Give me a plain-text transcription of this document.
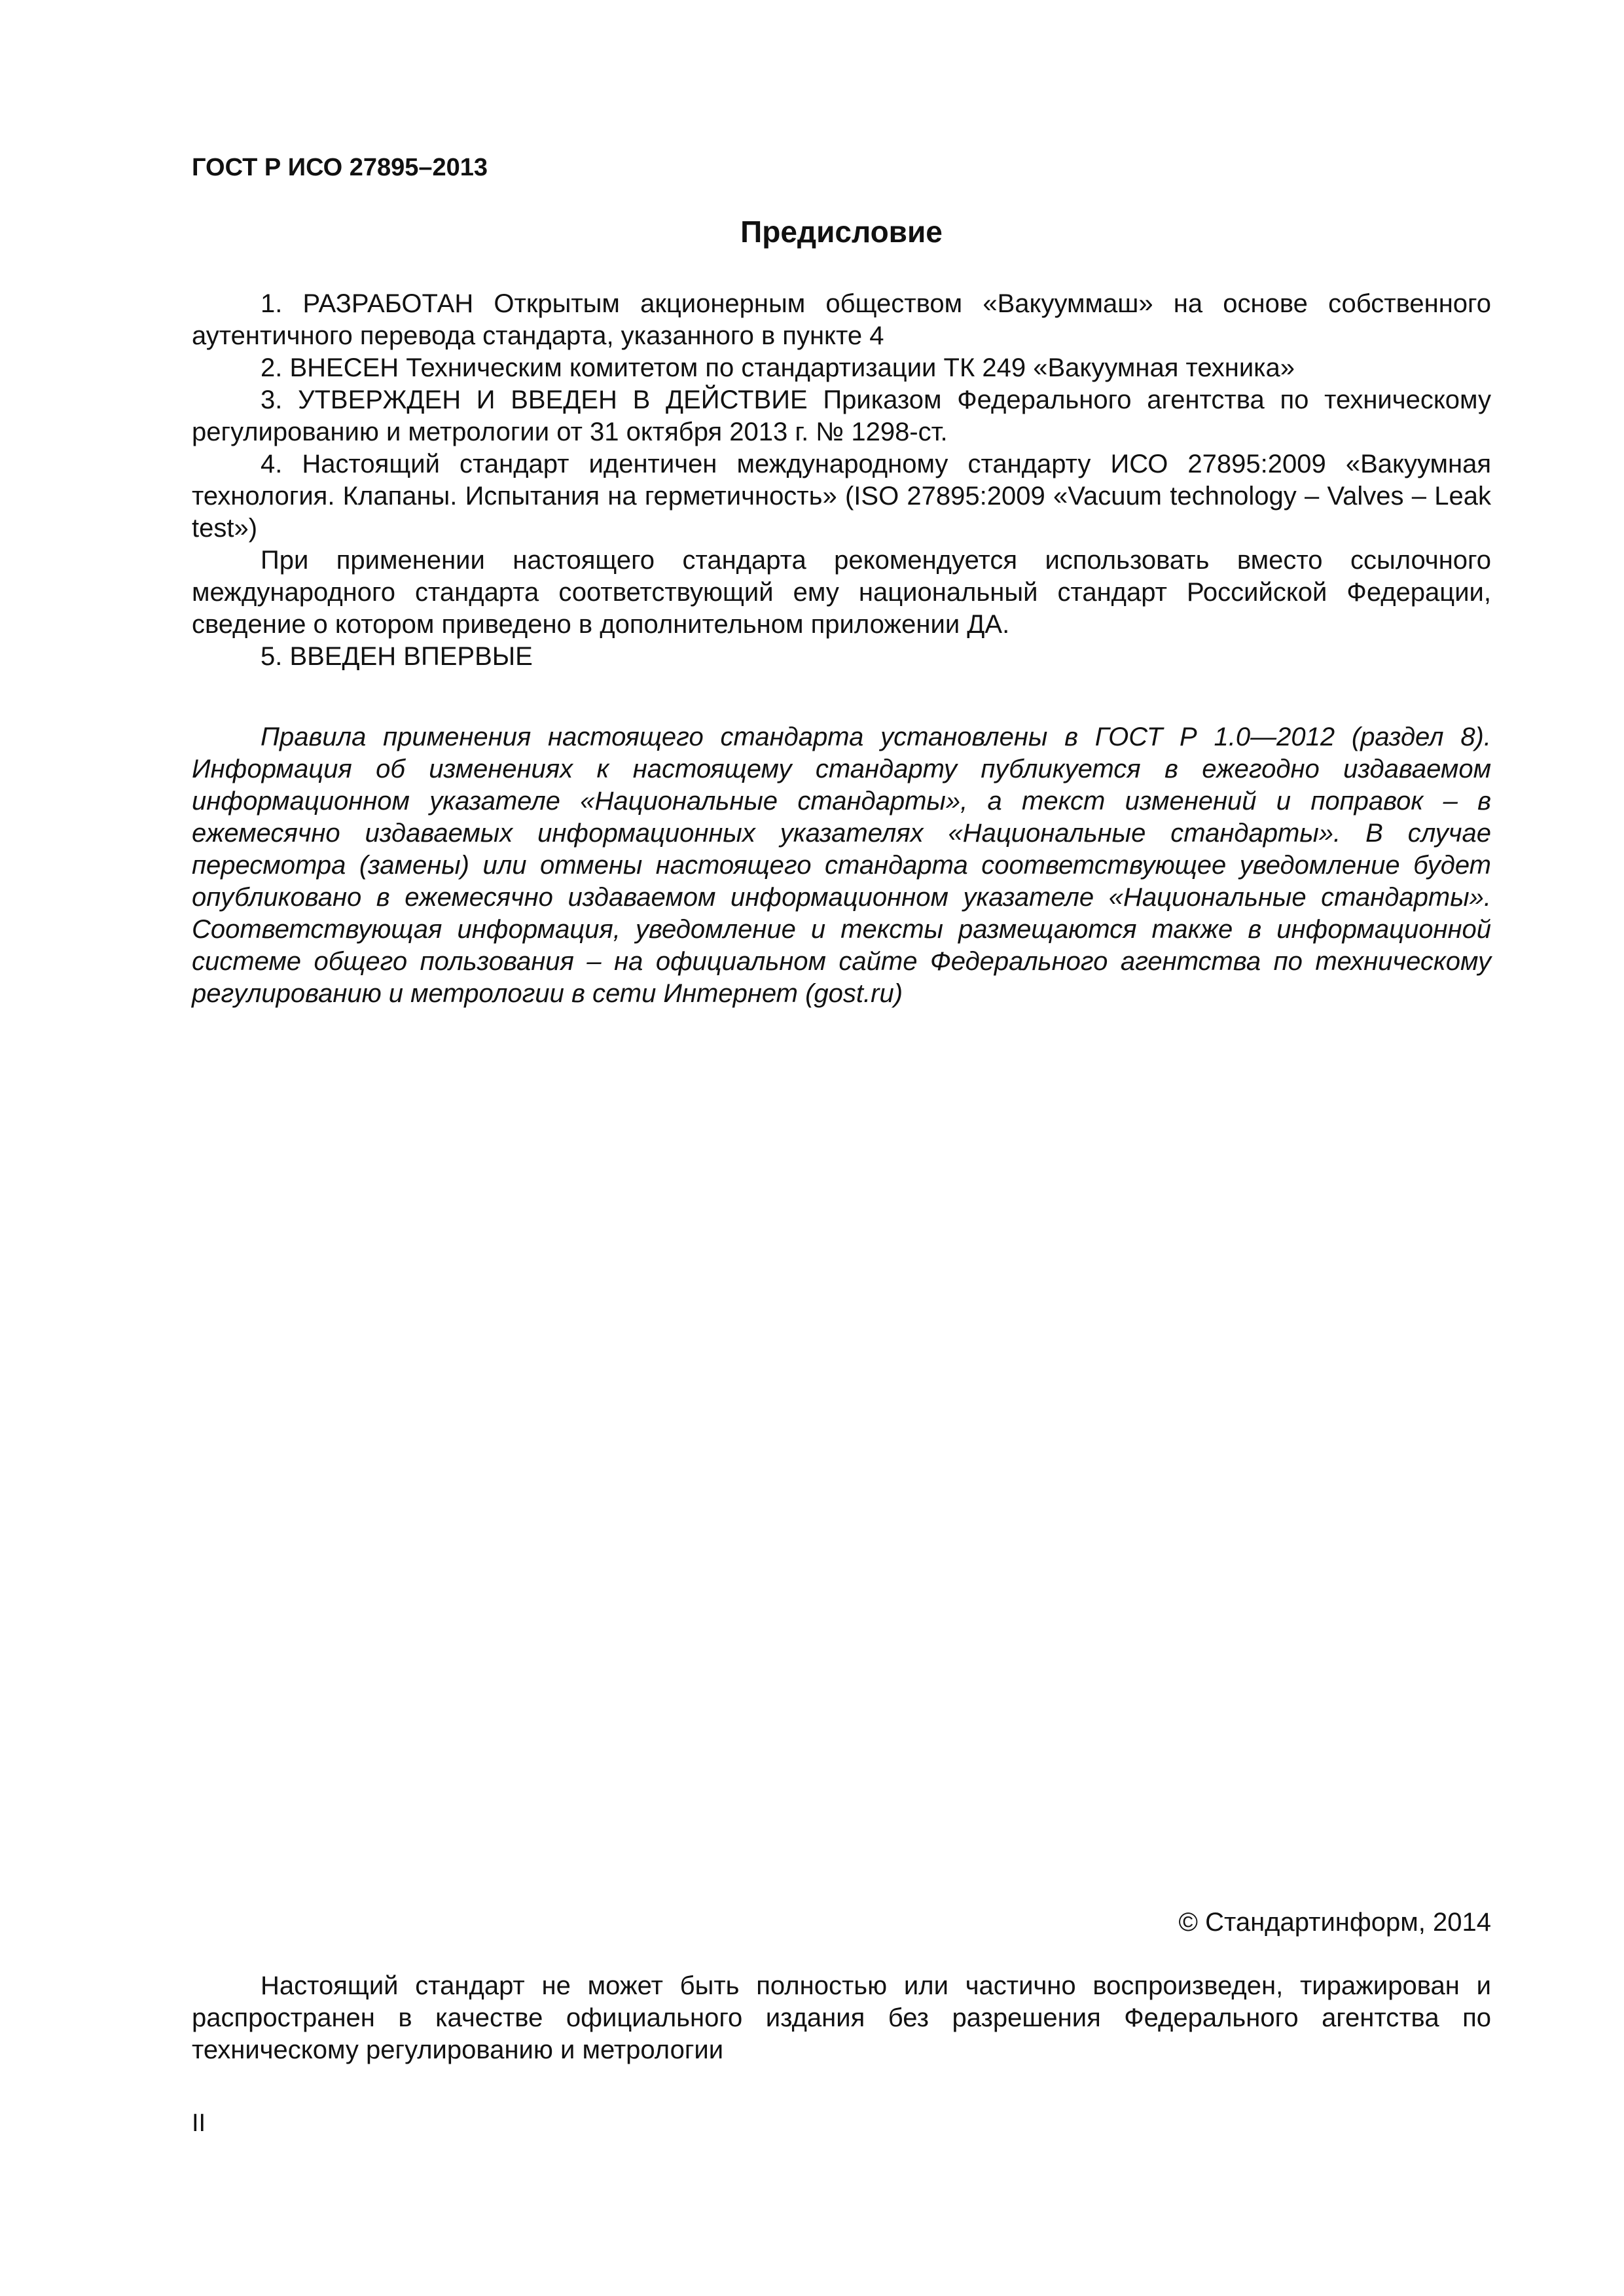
ГОСТ Р ИСО 27895–2013
Предисловие

1. РАЗРАБОТАН Открытым акционерным обществом «Вакууммаш» на основе собственного аутентичного перевода стандарта, указанного в пункте 4

2. ВНЕСЕН Техническим комитетом по стандартизации ТК 249 «Вакуумная техника»

3. УТВЕРЖДЕН И ВВЕДЕН В ДЕЙСТВИЕ Приказом Федерального агентства по техническому регулированию и метрологии от 31 октября 2013 г. № 1298-ст.

4. Настоящий стандарт идентичен международному стандарту ИСО 27895:2009 «Вакуумная технология. Клапаны. Испытания на герметичность» (ISO 27895:2009 «Vacuum technology – Valves – Leak test»)

При применении настоящего стандарта рекомендуется использовать вместо ссылочного международного стандарта соответствующий ему национальный стандарт Российской Федерации, сведение о котором приведено в дополнительном приложении ДА.

5. ВВЕДЕН ВПЕРВЫЕ

Правила применения настоящего стандарта установлены в ГОСТ Р 1.0—2012 (раздел 8). Информация об изменениях к настоящему стандарту публикуется в ежегодно издаваемом информационном указателе «Национальные стандарты», а текст изменений и поправок – в ежемесячно издаваемых информационных указателях «Национальные стандарты». В случае пересмотра (замены) или отмены настоящего стандарта соответствующее уведомление будет опубликовано в ежемесячно издаваемом информационном указателе «Национальные стандарты». Соответствующая информация, уведомление и тексты размещаются также в информационной системе общего пользования – на официальном сайте Федерального агентства по техническому регулированию и метрологии в сети Интернет (gost.ru)

© Стандартинформ, 2014

Настоящий стандарт не может быть полностью или частично воспроизведен, тиражирован и распространен в качестве официального издания без разрешения Федерального агентства по техническому регулированию и метрологии

II
